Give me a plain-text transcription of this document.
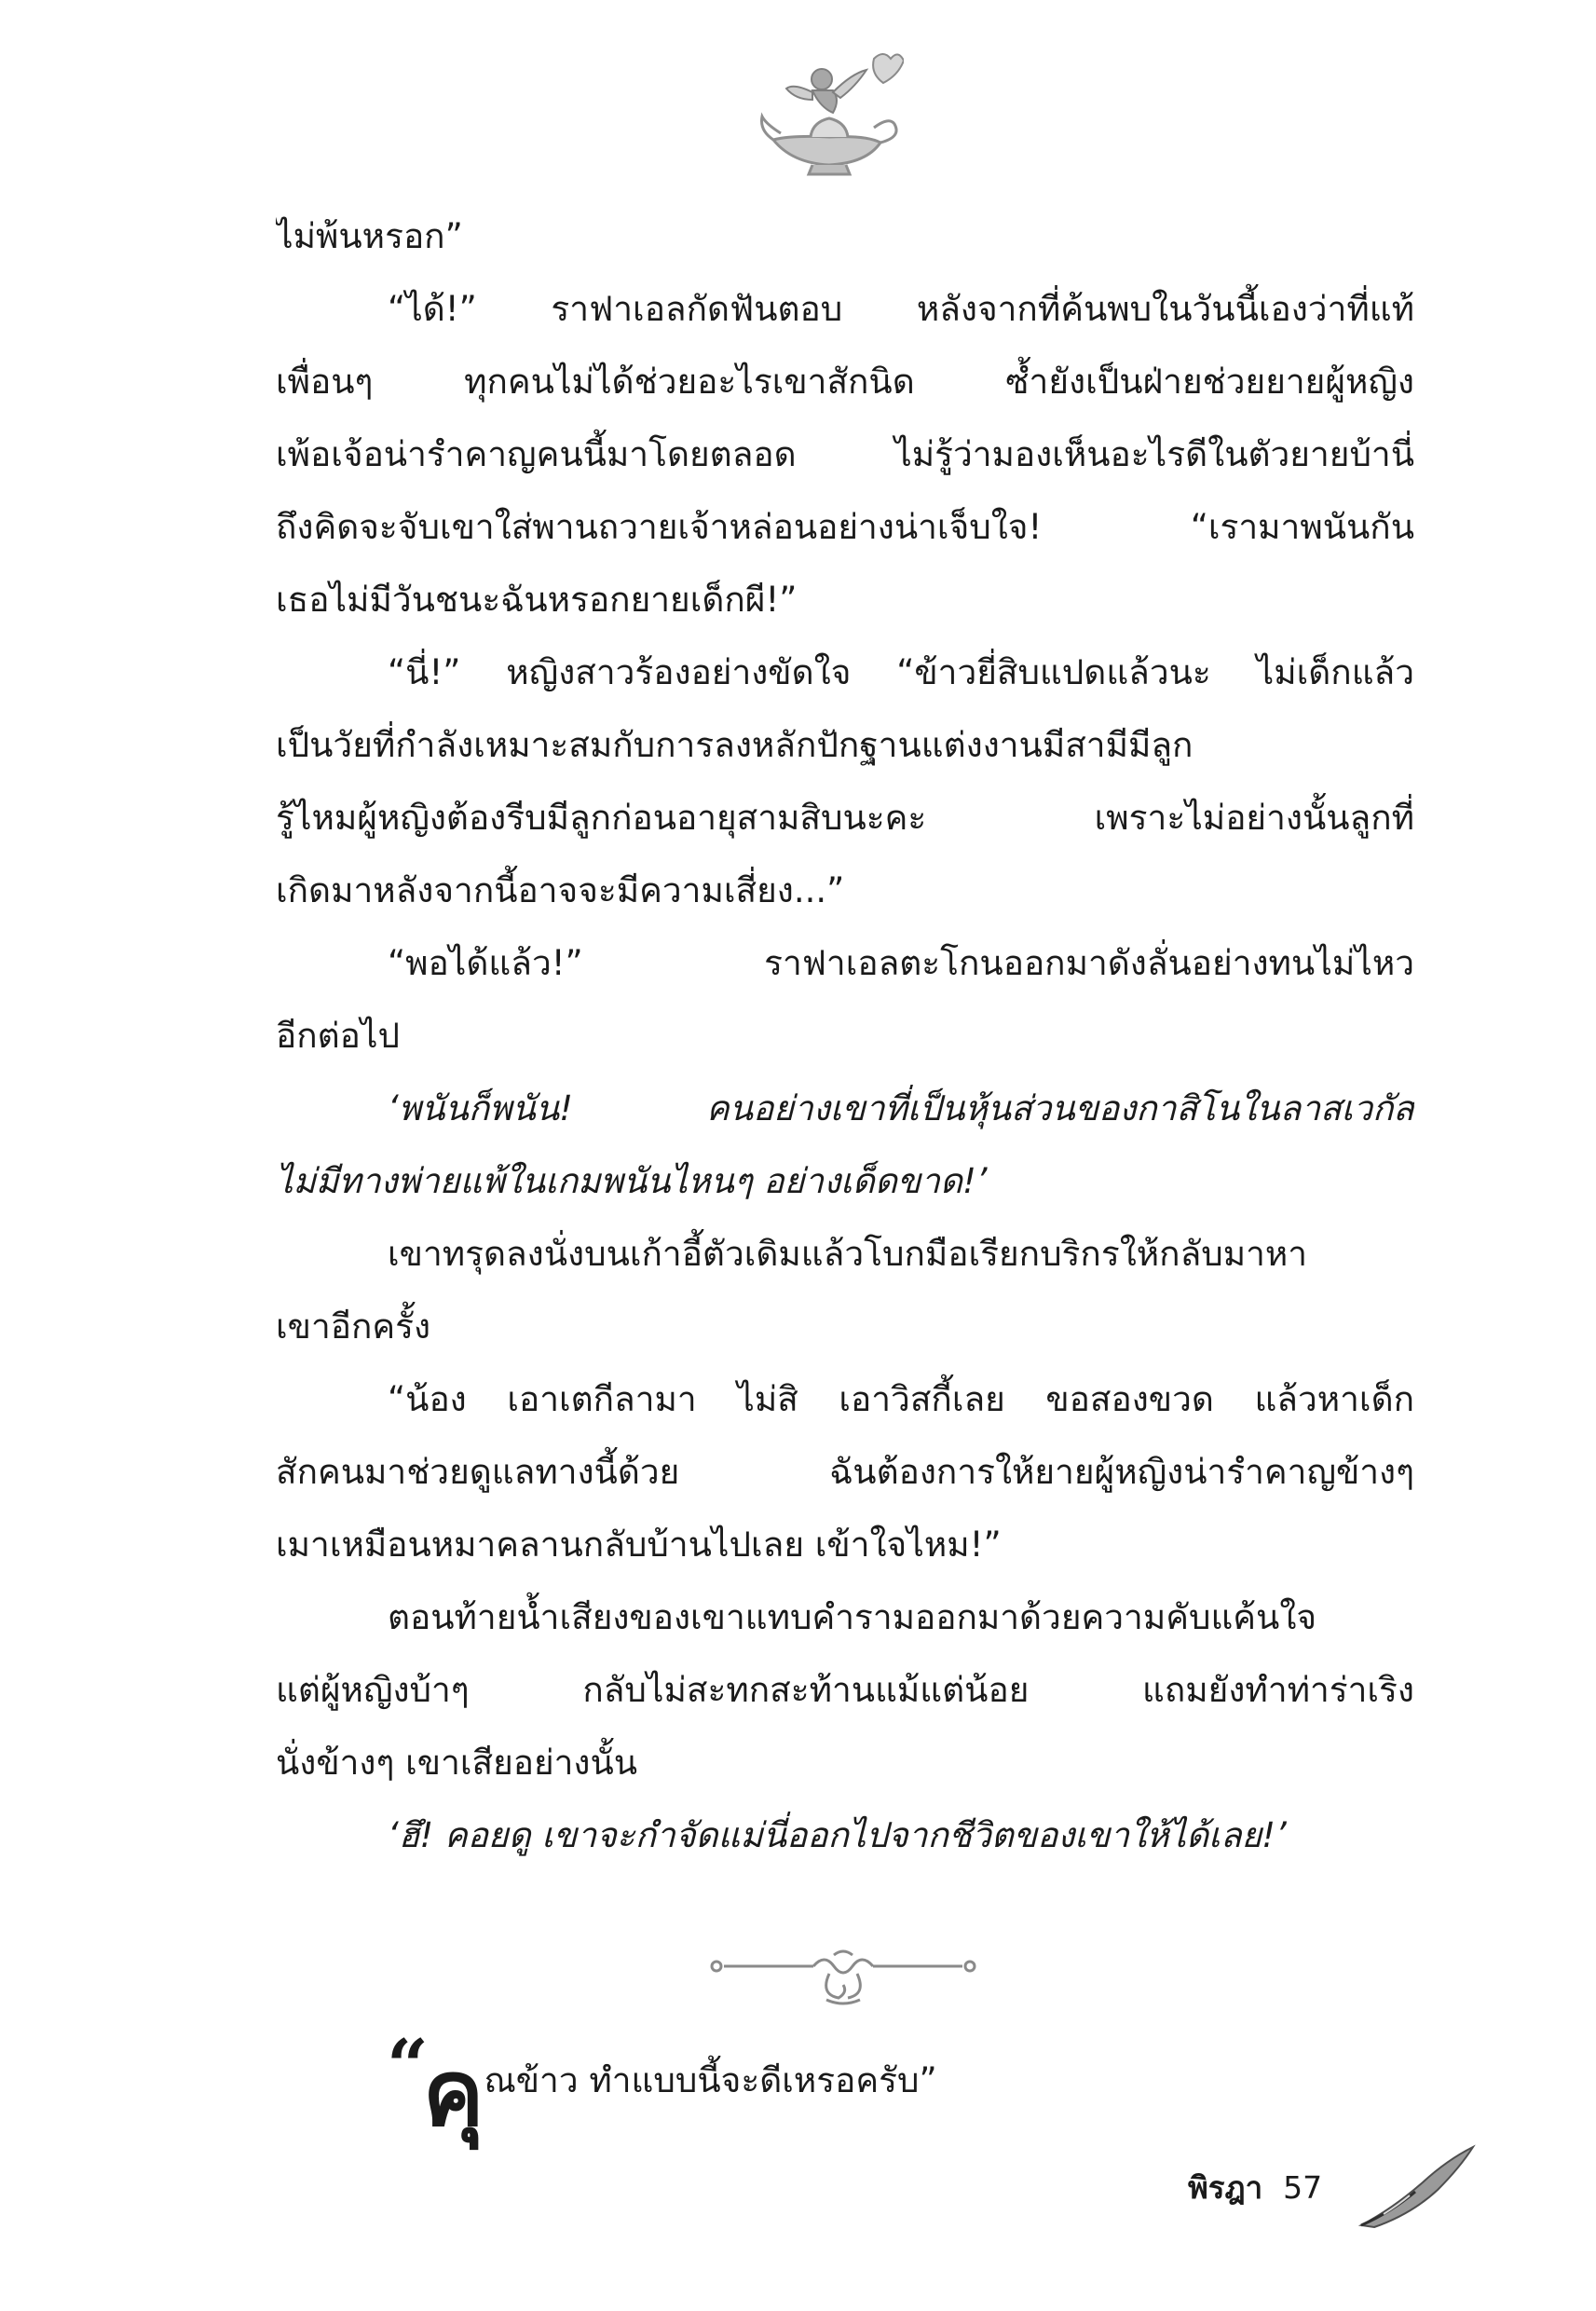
ไม่พ้นหรอก”
“ได้!” ราฟาเอลกัดฟันตอบ หลังจากที่ค้นพบในวันนี้เองว่าที่แท้
เพื่อนๆ ทุกคนไม่ได้ช่วยอะไรเขาสักนิด ซ้ำยังเป็นฝ่ายช่วยยายผู้หญิง
เพ้อเจ้อน่ารำคาญคนนี้มาโดยตลอด ไม่รู้ว่ามองเห็นอะไรดีในตัวยายบ้านี่
ถึงคิดจะจับเขาใส่พานถวายเจ้าหล่อนอย่างน่าเจ็บใจ! “เรามาพนันกัน
เธอไม่มีวันชนะฉันหรอกยายเด็กผี!”
“นี่!” หญิงสาวร้องอย่างขัดใจ “ข้าวยี่สิบแปดแล้วนะ ไม่เด็กแล้ว
เป็นวัยที่กำลังเหมาะสมกับการลงหลักปักฐานแต่งงานมีสามีมีลูก
รู้ไหมผู้หญิงต้องรีบมีลูกก่อนอายุสามสิบนะคะ เพราะไม่อย่างนั้นลูกที่
เกิดมาหลังจากนี้อาจจะมีความเสี่ยง...”
“พอได้แล้ว!” ราฟาเอลตะโกนออกมาดังลั่นอย่างทนไม่ไหว
อีกต่อไป
‘พนันก็พนัน! คนอย่างเขาที่เป็นหุ้นส่วนของกาสิโนในลาสเวกัส
ไม่มีทางพ่ายแพ้ในเกมพนันไหนๆ อย่างเด็ดขาด!’
เขาทรุดลงนั่งบนเก้าอี้ตัวเดิมแล้วโบกมือเรียกบริกรให้กลับมาหา
เขาอีกครั้ง
“น้อง เอาเตกีลามา ไม่สิ เอาวิสกี้เลย ขอสองขวด แล้วหาเด็ก
สักคนมาช่วยดูแลทางนี้ด้วย ฉันต้องการให้ยายผู้หญิงน่ารำคาญข้างๆ
เมาเหมือนหมาคลานกลับบ้านไปเลย เข้าใจไหม!”
ตอนท้ายน้ำเสียงของเขาแทบคำรามออกมาด้วยความคับแค้นใจ
แต่ผู้หญิงบ้าๆ กลับไม่สะทกสะท้านแม้แต่น้อย แถมยังทำท่าร่าเริง
นั่งข้างๆ เขาเสียอย่างนั้น
‘ฮึ! คอยดู เขาจะกำจัดแม่นี่ออกไปจากชีวิตของเขาให้ได้เลย!’
“คุณข้าว ทำแบบนี้จะดีเหรอครับ”
พิรฎา 57
